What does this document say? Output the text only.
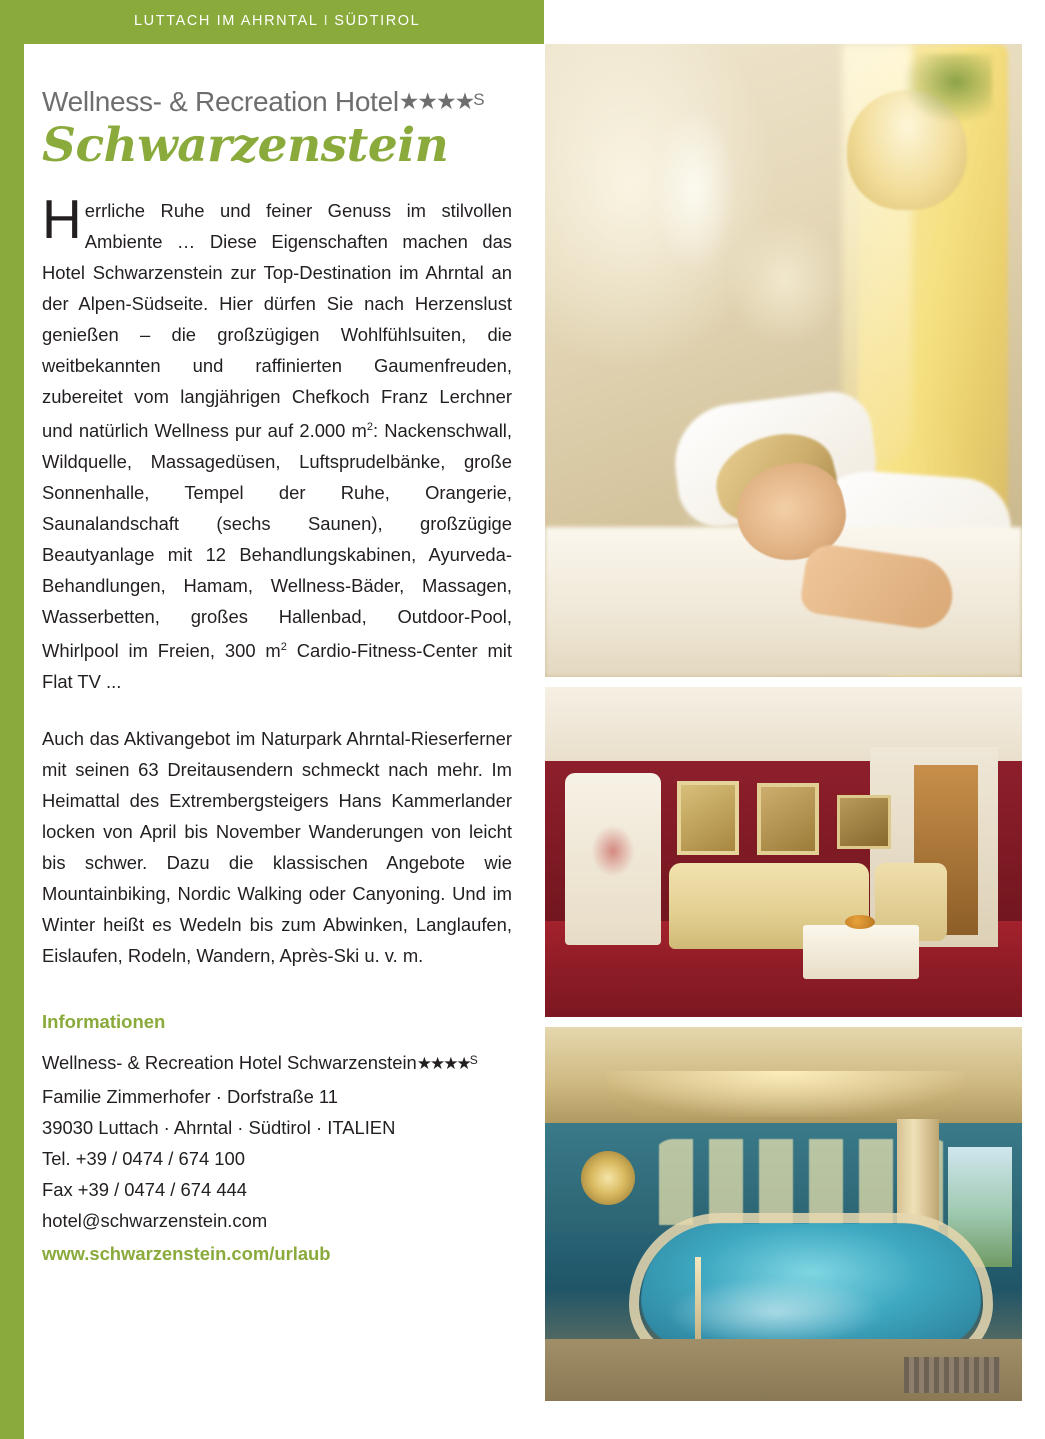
LUTTACH IM AHRNTAL I SÜDTIROL
Wellness- & Recreation Hotel★★★★$^S$
Schwarzenstein

Herrliche Ruhe und feiner Genuss im stilvollen Ambiente … Diese Eigenschaften machen das Hotel Schwarzenstein zur Top-Destination im Ahrntal an der Alpen-Südseite. Hier dürfen Sie nach Herzenslust genießen – die großzügigen Wohlfühlsuiten, die weitbekannten und raffinierten Gaumenfreuden, zubereitet vom langjährigen Chefkoch Franz Lerchner und natürlich Wellness pur auf 2.000 $m^2$: Nackenschwall, Wildquelle, Massagedüsen, Luftsprudelbänke, große Sonnenhalle, Tempel der Ruhe, Orangerie, Saunalandschaft (sechs Saunen), großzügige Beautyanlage mit 12 Behandlungskabinen, Ayurveda-Behandlungen, Hamam, Wellness-Bäder, Massagen, Wasserbetten, großes Hallenbad, Outdoor-Pool, Whirlpool im Freien, 300 $m^2$ Cardio-Fitness-Center mit Flat TV ...

Auch das Aktivangebot im Naturpark Ahrntal-Rieserferner mit seinen 63 Dreitausendern schmeckt nach mehr. Im Heimattal des Extrembergsteigers Hans Kammerlander locken von April bis November Wanderungen von leicht bis schwer. Dazu die klassischen Angebote wie Mountainbiking, Nordic Walking oder Canyoning. Und im Winter heißt es Wedeln bis zum Abwinken, Langlaufen, Eislaufen, Rodeln, Wandern, Après-Ski u. v. m.

Informationen
Wellness- & Recreation Hotel Schwarzenstein★★★★$^S$
Familie Zimmerhofer · Dorfstraße 11
39030 Luttach · Ahrntal · Südtirol · ITALIEN
Tel. +39 / 0474 / 674 100
Fax +39 / 0474 / 674 444
hotel@schwarzenstein.com
www.schwarzenstein.com/urlaub
